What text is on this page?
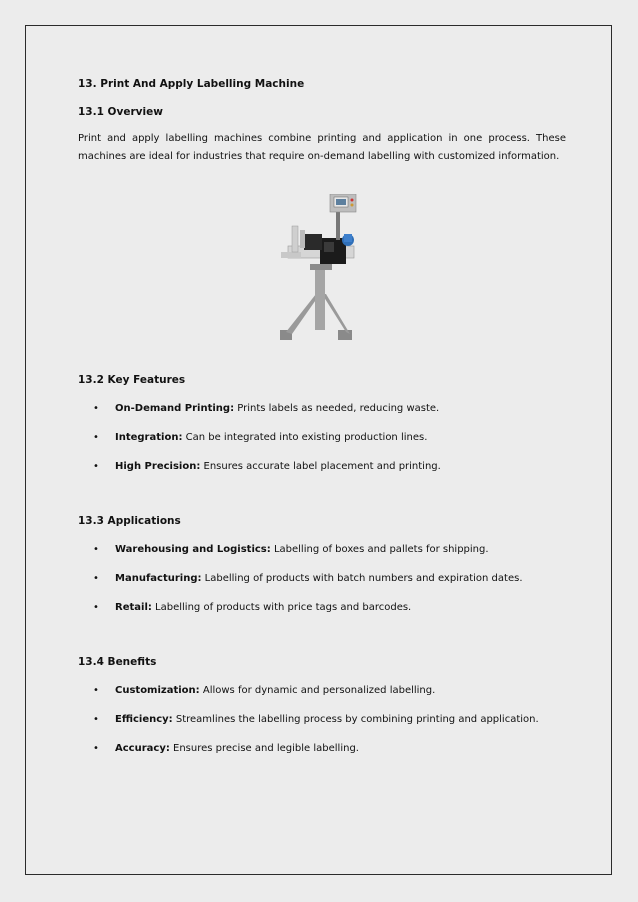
13. Print And Apply Labelling Machine
13.1 Overview
Print and apply labelling machines combine printing and application in one process. These machines are ideal for industries that require on-demand labelling with customized information.
13.2 Key Features
• On-Demand Printing: Prints labels as needed, reducing waste.
• Integration: Can be integrated into existing production lines.
• High Precision: Ensures accurate label placement and printing.
13.3 Applications
• Warehousing and Logistics: Labelling of boxes and pallets for shipping.
• Manufacturing: Labelling of products with batch numbers and expiration dates.
• Retail: Labelling of products with price tags and barcodes.
13.4 Benefits
• Customization: Allows for dynamic and personalized labelling.
• Efficiency: Streamlines the labelling process by combining printing and application.
• Accuracy: Ensures precise and legible labelling.
